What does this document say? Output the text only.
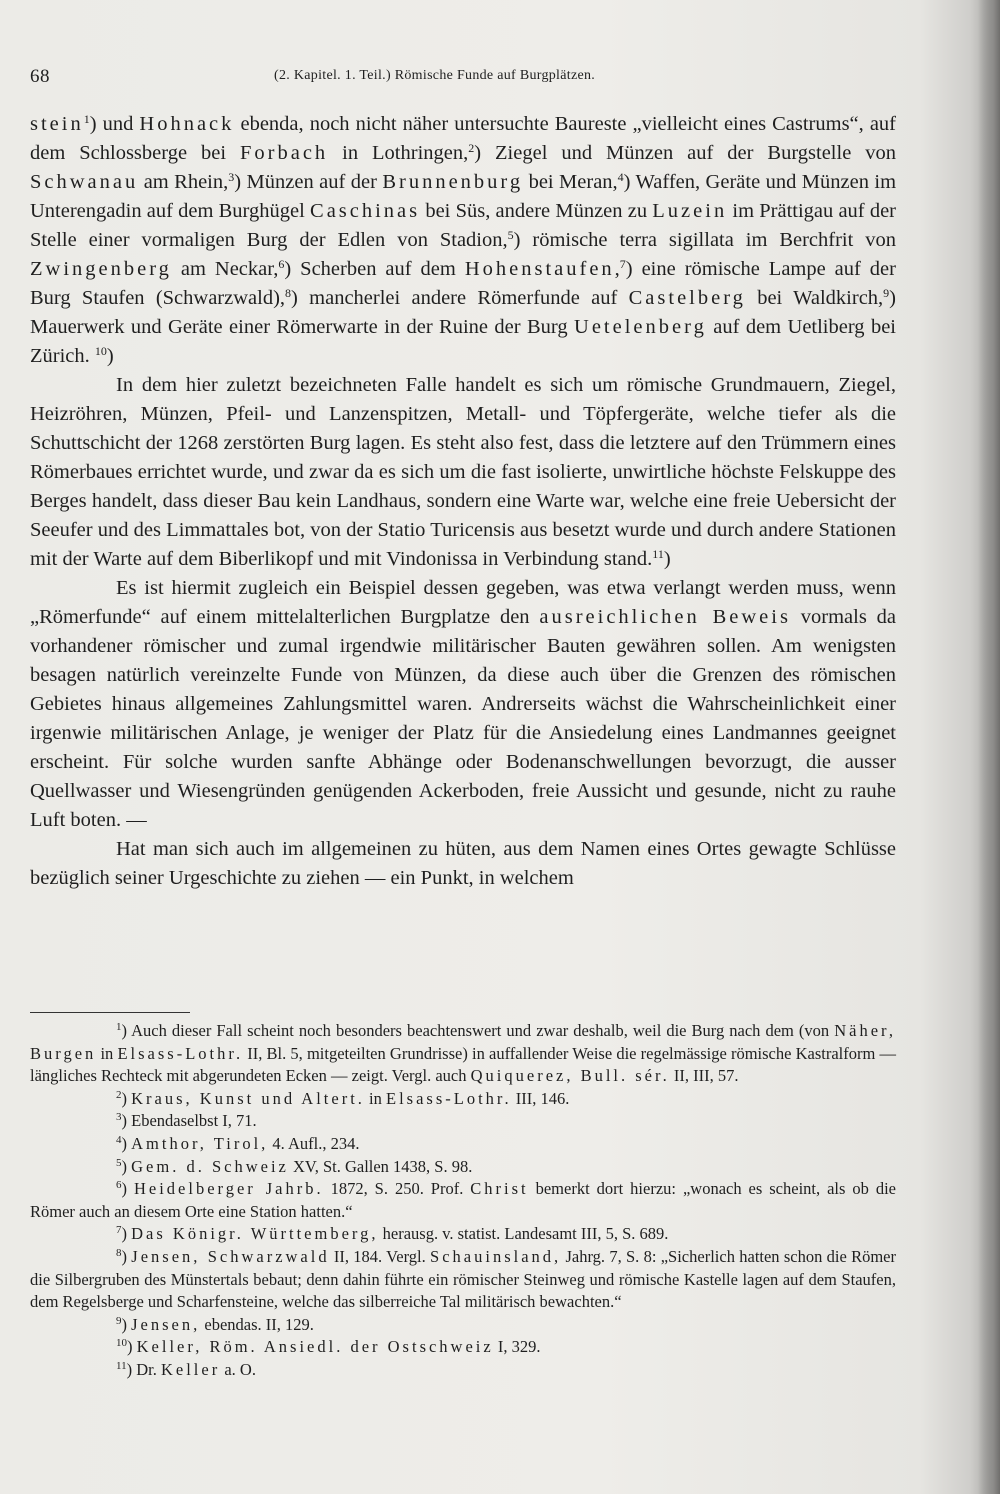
68	(2. Kapitel. 1. Teil.) Römische Funde auf Burgplätzen.

stein$^1$) und Hohnack ebenda, noch nicht näher untersuchte Baureste „vielleicht eines Castrums“, auf dem Schlossberge bei Forbach in Lothringen,$^2$) Ziegel und Münzen auf der Burgstelle von Schwanau am Rhein,$^3$) Münzen auf der Brunnenburg bei Meran,$^4$) Waffen, Geräte und Münzen im Unterengadin auf dem Burghügel Caschinas bei Süs, andere Münzen zu Luzein im Prättigau auf der Stelle einer vormaligen Burg der Edlen von Stadion,$^5$) römische terra sigillata im Berchfrit von Zwingenberg am Neckar,$^6$) Scherben auf dem Hohenstaufen,$^7$) eine römische Lampe auf der Burg Staufen (Schwarzwald),$^8$) mancherlei andere Römerfunde auf Castelberg bei Waldkirch,$^9$) Mauerwerk und Geräte einer Römerwarte in der Ruine der Burg Uetelenberg auf dem Uetliberg bei Zürich. $^{10}$)

In dem hier zuletzt bezeichneten Falle handelt es sich um römische Grundmauern, Ziegel, Heizröhren, Münzen, Pfeil- und Lanzenspitzen, Metall- und Töpfergeräte, welche tiefer als die Schuttschicht der 1268 zerstörten Burg lagen. Es steht also fest, dass die letztere auf den Trümmern eines Römerbaues errichtet wurde, und zwar da es sich um die fast isolierte, unwirtliche höchste Felskuppe des Berges handelt, dass dieser Bau kein Landhaus, sondern eine Warte war, welche eine freie Uebersicht der Seeufer und des Limmattales bot, von der Statio Turicensis aus besetzt wurde und durch andere Stationen mit der Warte auf dem Biberlikopf und mit Vindonissa in Verbindung stand.$^{11}$)

Es ist hiermit zugleich ein Beispiel dessen gegeben, was etwa verlangt werden muss, wenn „Römerfunde“ auf einem mittelalterlichen Burgplatze den ausreichlichen Beweis vormals da vorhandener römischer und zumal irgendwie militärischer Bauten gewähren sollen. Am wenigsten besagen natürlich vereinzelte Funde von Münzen, da diese auch über die Grenzen des römischen Gebietes hinaus allgemeines Zahlungsmittel waren. Andrerseits wächst die Wahrscheinlichkeit einer irgenwie militärischen Anlage, je weniger der Platz für die Ansiedelung eines Landmannes geeignet erscheint. Für solche wurden sanfte Abhänge oder Bodenanschwellungen bevorzugt, die ausser Quellwasser und Wiesengründen genügenden Ackerboden, freie Aussicht und gesunde, nicht zu rauhe Luft boten. —

Hat man sich auch im allgemeinen zu hüten, aus dem Namen eines Ortes gewagte Schlüsse bezüglich seiner Urgeschichte zu ziehen — ein Punkt, in welchem

$^1$) Auch dieser Fall scheint noch besonders beachtenswert und zwar deshalb, weil die Burg nach dem (von Näher, Burgen in Elsass-Lothr. II, Bl. 5, mitgeteilten Grundrisse) in auffallender Weise die regelmässige römische Kastralform — längliches Rechteck mit abgerundeten Ecken — zeigt. Vergl. auch Quiquerez, Bull. sér. II, III, 57.

$^2$) Kraus, Kunst und Altert. in Elsass-Lothr. III, 146.

$^3$) Ebendaselbst I, 71.

$^4$) Amthor, Tirol, 4. Aufl., 234.

$^5$) Gem. d. Schweiz XV, St. Gallen 1438, S. 98.

$^6$) Heidelberger Jahrb. 1872, S. 250. Prof. Christ bemerkt dort hierzu: „wonach es scheint, als ob die Römer auch an diesem Orte eine Station hatten.“

$^7$) Das Königr. Württemberg, herausg. v. statist. Landesamt III, 5, S. 689.

$^8$) Jensen, Schwarzwald II, 184. Vergl. Schauinsland, Jahrg. 7, S. 8: „Sicherlich hatten schon die Römer die Silbergruben des Münstertals bebaut; denn dahin führte ein römischer Steinweg und römische Kastelle lagen auf dem Staufen, dem Regelsberge und Scharfensteine, welche das silberreiche Tal militärisch bewachten.“

$^9$) Jensen, ebendas. II, 129.

$^{10}$) Keller, Röm. Ansiedl. der Ostschweiz I, 329.

$^{11}$) Dr. Keller a. O.
